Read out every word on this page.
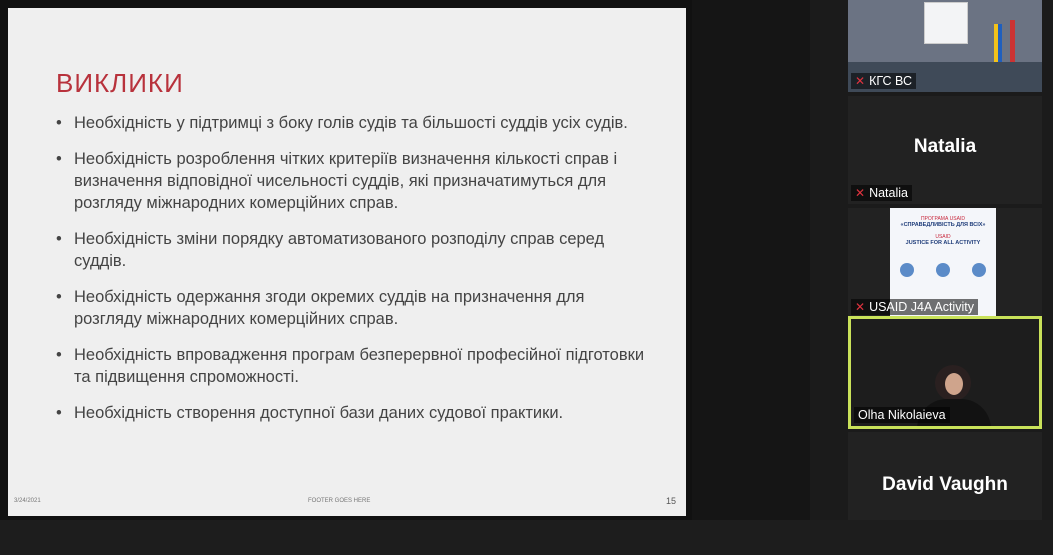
ВИКЛИКИ
• Необхідність у підтримці з боку голів судів та більшості суддів усіх судів.
• Необхідність розроблення чітких критеріїв визначення кількості справ і визначення відповідної чисельності суддів, які призначатимуться для розгляду міжнародних комерційних справ.
• Необхідність зміни порядку автоматизованого розподілу справ серед суддів.
• Необхідність одержання згоди окремих суддів на призначення для розгляду міжнародних комерційних справ.
• Необхідність впровадження програм безперервної професійної підготовки та підвищення спроможності.
• Необхідність створення доступної бази даних судової практики.
3/24/2021	FOOTER GOES HERE	15
✕ КГС ВС
Natalia
✕ Natalia
ПРОГРАМА USAID
«СПРАВЕДЛИВІСТЬ ДЛЯ ВСІХ»
USAID
JUSTICE FOR ALL ACTIVITY
✕ USAID J4A Activity
Olha Nikolaieva
David Vaughn
